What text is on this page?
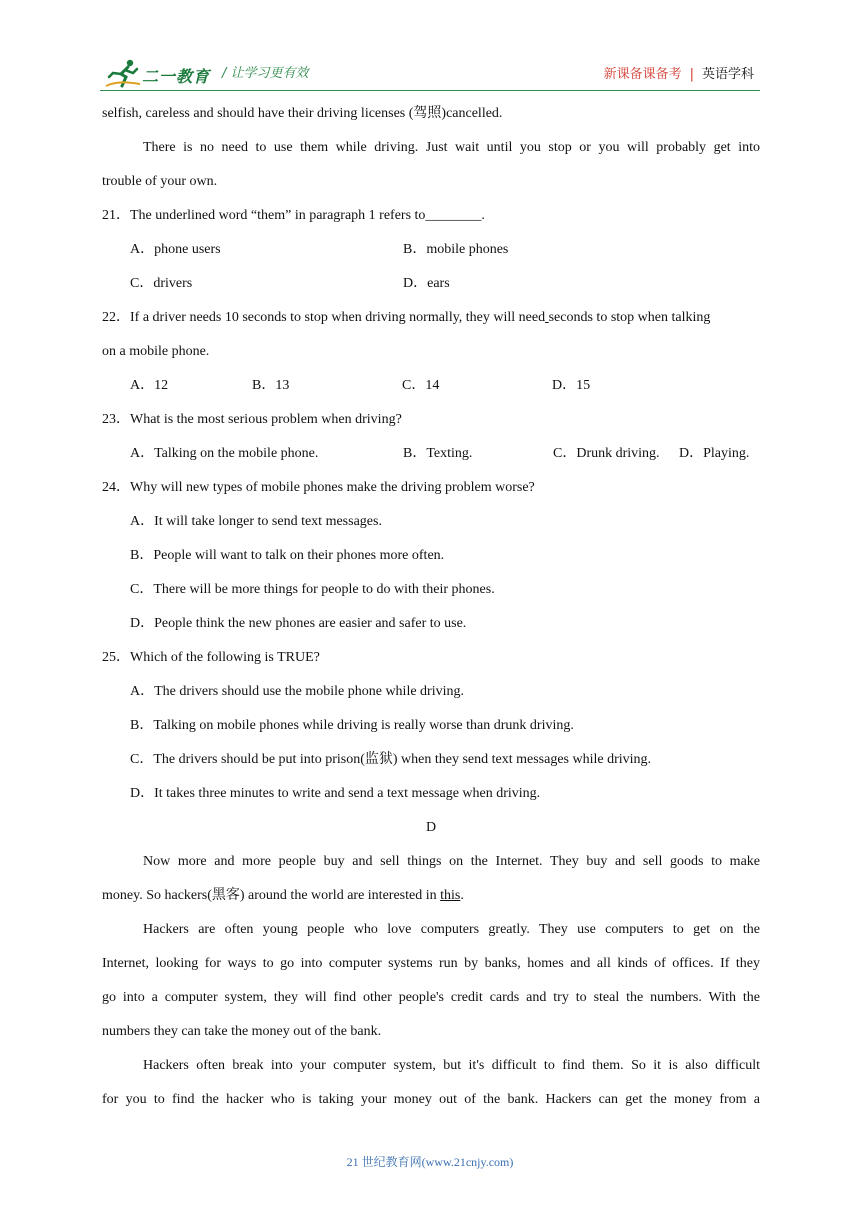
二一教育 / 让学习更有效	新课备课备考 | 英语学科
selfish, careless and should have their driving licenses (驾照)cancelled.
There is no need to use them while driving. Just wait until you stop or you will probably get into
trouble of your own.
21．The underlined word “them” in paragraph 1 refers to________.
A．phone users	B．mobile phones
C．drivers	D．ears
22．If a driver needs 10 seconds to stop when driving normally, they will need seconds to stop when talking
on a mobile phone.
A．12	B．13	C．14	D．15
23．What is the most serious problem when driving?
A．Talking on the mobile phone.	B．Texting.	C．Drunk driving.	D．Playing.
24．Why will new types of mobile phones make the driving problem worse?
A．It will take longer to send text messages.
B．People will want to talk on their phones more often.
C．There will be more things for people to do with their phones.
D．People think the new phones are easier and safer to use.
25．Which of the following is TRUE?
A．The drivers should use the mobile phone while driving.
B．Talking on mobile phones while driving is really worse than drunk driving.
C．The drivers should be put into prison(监狱) when they send text messages while driving.
D．It takes three minutes to write and send a text message when driving.
D
Now more and more people buy and sell things on the Internet. They buy and sell goods to make
money. So hackers(黑客) around the world are interested in this.
Hackers are often young people who love computers greatly. They use computers to get on the
Internet, looking for ways to go into computer systems run by banks, homes and all kinds of offices. If they
go into a computer system, they will find other people's credit cards and try to steal the numbers. With the
numbers they can take the money out of the bank.
Hackers often break into your computer system, but it's difficult to find them. So it is also difficult
for you to find the hacker who is taking your money out of the bank. Hackers can get the money from a
21 世纪教育网(www.21cnjy.com)
